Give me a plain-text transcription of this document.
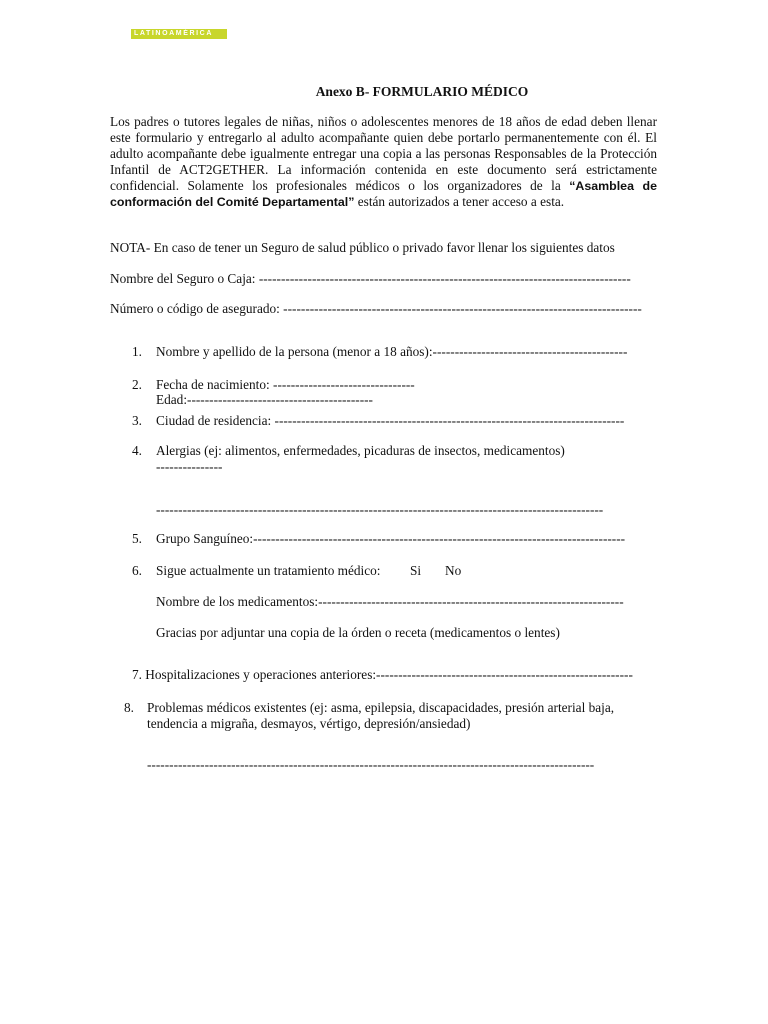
LATINOAMÉRICA
Anexo B- FORMULARIO MÉDICO
Los padres o tutores legales de niñas, niños o adolescentes menores de 18 años de edad deben llenar este formulario y entregarlo al adulto acompañante quien debe portarlo permanentemente con él. El adulto acompañante debe igualmente entregar una copia a las personas Responsables de la Protección Infantil de ACT2GETHER. La información contenida en este documento será estrictamente confidencial. Solamente los profesionales médicos o los organizadores de la “Asamblea de conformación del Comité Departamental” están autorizados a tener acceso a esta.
NOTA- En caso de tener un Seguro de salud público o privado favor llenar los siguientes datos
Nombre del Seguro o Caja: ------------------------------------------------------------------------------------
Número o código de asegurado: ---------------------------------------------------------------------------------
1. Nombre y apellido de la persona (menor a 18 años):--------------------------------------------
2. Fecha de nacimiento: --------------------------------
Edad:------------------------------------------
3. Ciudad de residencia: -------------------------------------------------------------------------------
4. Alergias (ej: alimentos, enfermedades, picaduras de insectos, medicamentos)
---------------
-----------------------------------------------------------------------------------------------------
5. Grupo Sanguíneo:------------------------------------------------------------------------------------
6. Sigue actualmente un tratamiento médico:	Si No
Nombre de los medicamentos:---------------------------------------------------------------------
Gracias por adjuntar una copia de la órden o receta (medicamentos o lentes)
7. Hospitalizaciones y operaciones anteriores:----------------------------------------------------------
8. Problemas médicos existentes (ej: asma, epilepsia, discapacidades, presión arterial baja,
tendencia a migraña, desmayos, vértigo, depresión/ansiedad)
-----------------------------------------------------------------------------------------------------
